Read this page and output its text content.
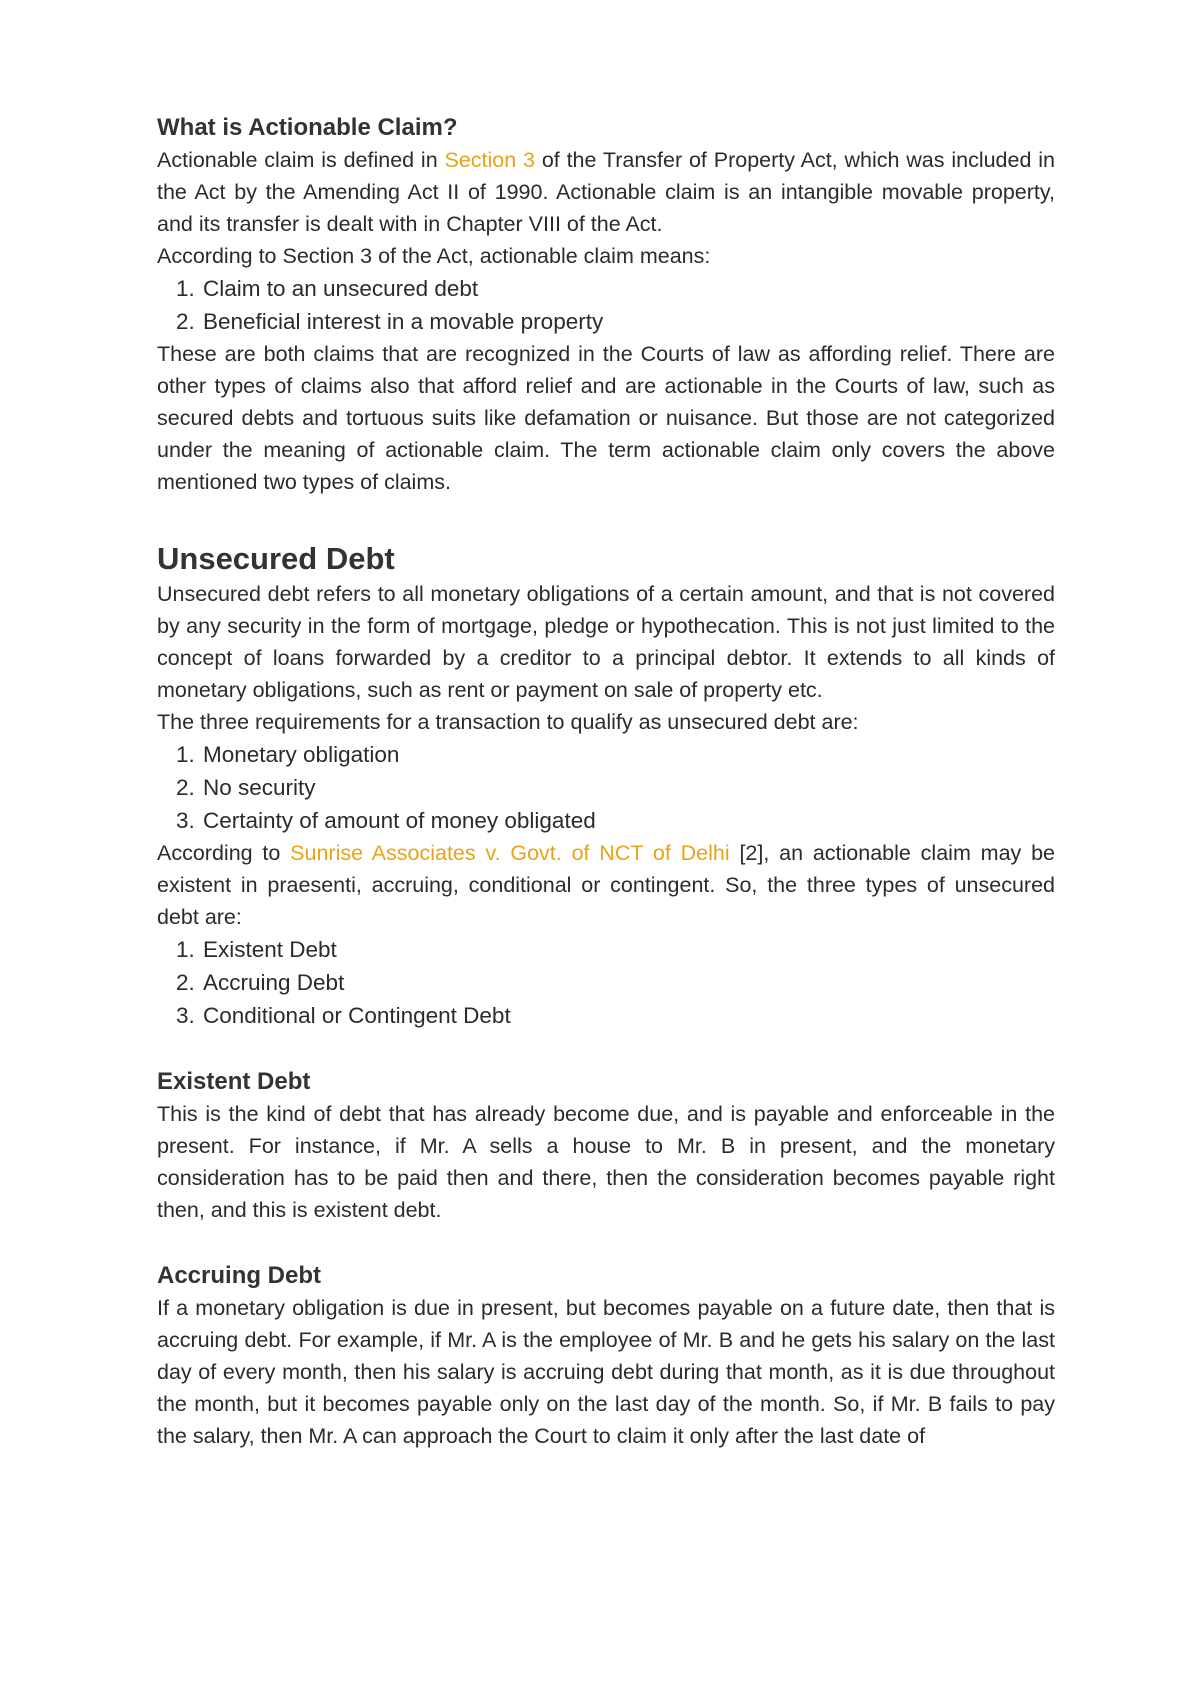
What is Actionable Claim?

Actionable claim is defined in Section 3 of the Transfer of Property Act, which was included in the Act by the Amending Act II of 1990. Actionable claim is an intangible movable property, and its transfer is dealt with in Chapter VIII of the Act.

According to Section 3 of the Act, actionable claim means:

1. Claim to an unsecured debt
2. Beneficial interest in a movable property

These are both claims that are recognized in the Courts of law as affording relief. There are other types of claims also that afford relief and are actionable in the Courts of law, such as secured debts and tortuous suits like defamation or nuisance. But those are not categorized under the meaning of actionable claim. The term actionable claim only covers the above mentioned two types of claims.

Unsecured Debt

Unsecured debt refers to all monetary obligations of a certain amount, and that is not covered by any security in the form of mortgage, pledge or hypothecation. This is not just limited to the concept of loans forwarded by a creditor to a principal debtor. It extends to all kinds of monetary obligations, such as rent or payment on sale of property etc.

The three requirements for a transaction to qualify as unsecured debt are:

1. Monetary obligation
2. No security
3. Certainty of amount of money obligated

According to Sunrise Associates v. Govt. of NCT of Delhi [2], an actionable claim may be existent in praesenti, accruing, conditional or contingent. So, the three types of unsecured debt are:

1. Existent Debt
2. Accruing Debt
3. Conditional or Contingent Debt
Existent Debt

This is the kind of debt that has already become due, and is payable and enforceable in the present. For instance, if Mr. A sells a house to Mr. B in present, and the monetary consideration has to be paid then and there, then the consideration becomes payable right then, and this is existent debt.

Accruing Debt

If a monetary obligation is due in present, but becomes payable on a future date, then that is accruing debt. For example, if Mr. A is the employee of Mr. B and he gets his salary on the last day of every month, then his salary is accruing debt during that month, as it is due throughout the month, but it becomes payable only on the last day of the month. So, if Mr. B fails to pay the salary, then Mr. A can approach the Court to claim it only after the last date of
